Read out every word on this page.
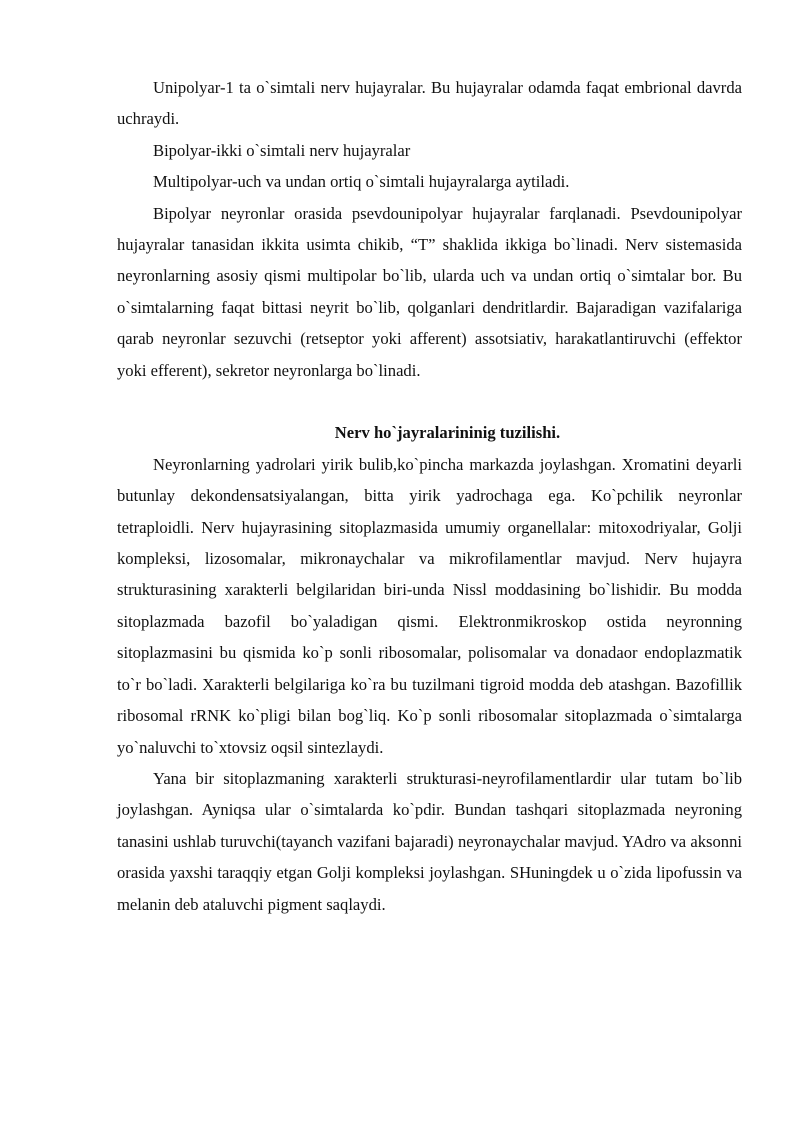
Unipolyar-1 ta o`simtali nerv hujayralar. Bu hujayralar odamda faqat embrional davrda uchraydi.

Bipolyar-ikki o`simtali nerv hujayralar

Multipolyar-uch va undan ortiq o`simtali hujayralarga aytiladi.

Bipolyar neyronlar orasida psevdounipolyar hujayralar farqlanadi. Psevdounipolyar hujayralar tanasidan ikkita usimta chikib, “T” shaklida ikkiga bo`linadi. Nerv sistemasida neyronlarning asosiy qismi multipolar bo`lib, ularda uch va undan ortiq o`simtalar bor. Bu o`simtalarning faqat bittasi neyrit bo`lib, qolganlari dendritlardir. Bajaradigan vazifalariga qarab neyronlar sezuvchi (retseptor yoki afferent) assotsiativ, harakatlantiruvchi (effektor yoki efferent), sekretor neyronlarga bo`linadi.

Nerv ho`jayralarininig tuzilishi.

Neyronlarning yadrolari yirik bulib,ko`pincha markazda joylashgan. Xromatini deyarli butunlay dekondensatsiyalangan, bitta yirik yadrochaga ega. Ko`pchilik neyronlar tetraploidli. Nerv hujayrasining sitoplazmasida umumiy organellalar: mitoxodriyalar, Golji kompleksi, lizosomalar, mikronaychalar va mikrofilamentlar mavjud. Nerv hujayra strukturasining xarakterli belgilaridan biri-unda Nissl moddasining bo`lishidir. Bu modda sitoplazmada bazofil bo`yaladigan qismi. Elektronmikroskop ostida neyronning sitoplazmasini bu qismida ko`p sonli ribosomalar, polisomalar va donadaor endoplazmatik to`r bo`ladi. Xarakterli belgilariga ko`ra bu tuzilmani tigroid modda deb atashgan. Bazofillik ribosomal rRNK ko`pligi bilan bog`liq. Ko`p sonli ribosomalar sitoplazmada o`simtalarga yo`naluvchi to`xtovsiz oqsil sintezlaydi.

Yana bir sitoplazmaning xarakterli strukturasi-neyrofilamentlardir ular tutam bo`lib joylashgan. Ayniqsa ular o`simtalarda ko`pdir. Bundan tashqari sitoplazmada neyroning tanasini ushlab turuvchi(tayanch vazifani bajaradi) neyronaychalar mavjud. YAdro va aksonni orasida yaxshi taraqqiy etgan Golji kompleksi joylashgan. SHuningdek u o`zida lipofussin va melanin deb ataluvchi pigment saqlaydi.
